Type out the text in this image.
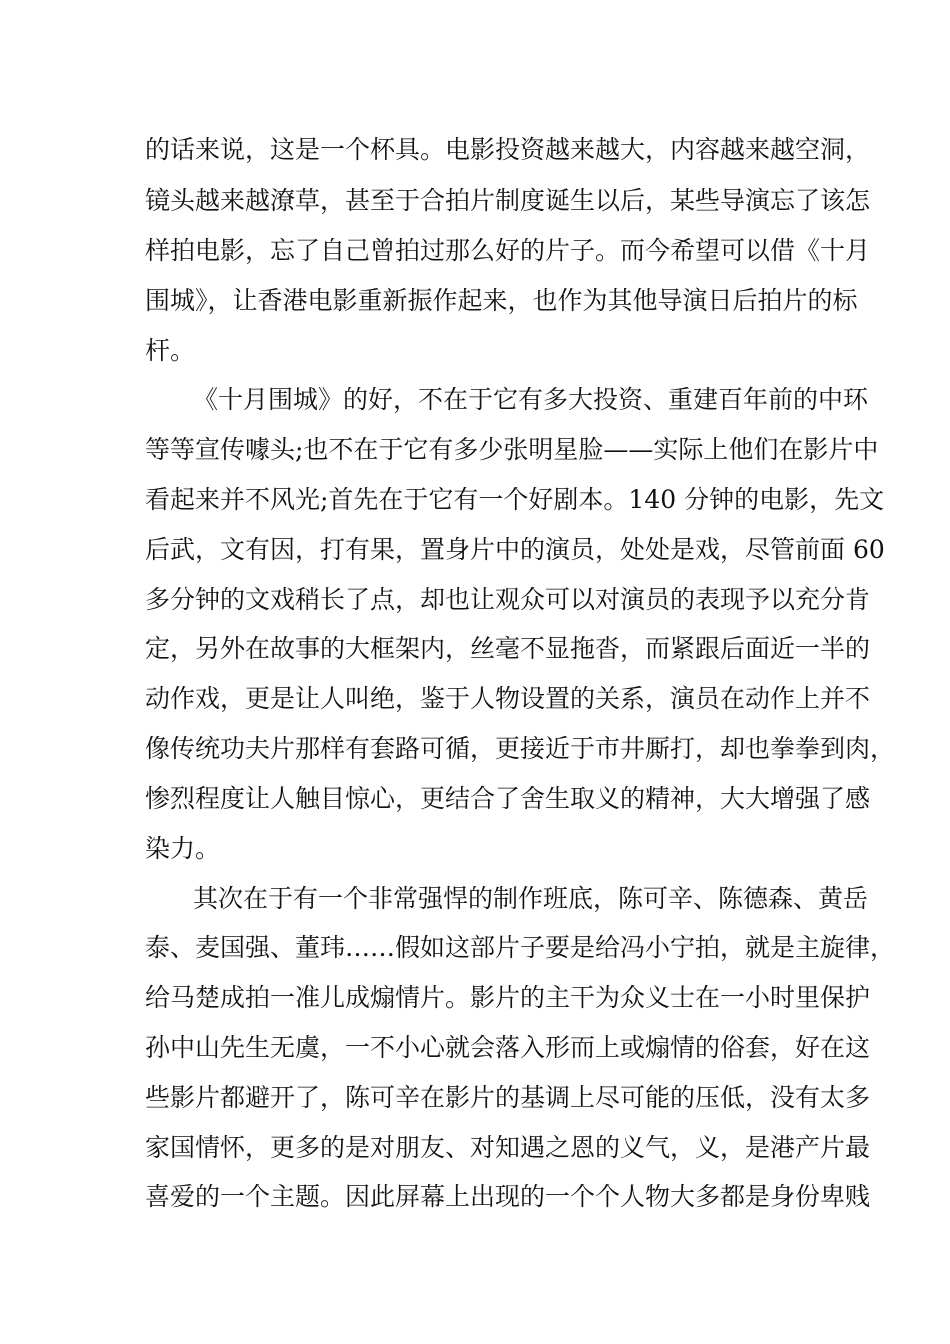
的话来说，这是一个杯具。电影投资越来越大，内容越来越空洞，
镜头越来越潦草，甚至于合拍片制度诞生以后，某些导演忘了该怎
样拍电影，忘了自己曾拍过那么好的片子。而今希望可以借《十月
围城》，让香港电影重新振作起来，也作为其他导演日后拍片的标
杆。
《十月围城》的好，不在于它有多大投资、重建百年前的中环
等等宣传噱头;也不在于它有多少张明星脸——实际上他们在影片中
看起来并不风光;首先在于它有一个好剧本。140 分钟的电影，先文
后武，文有因，打有果，置身片中的演员，处处是戏，尽管前面 60
多分钟的文戏稍长了点，却也让观众可以对演员的表现予以充分肯
定，另外在故事的大框架内，丝毫不显拖沓，而紧跟后面近一半的
动作戏，更是让人叫绝，鉴于人物设置的关系，演员在动作上并不
像传统功夫片那样有套路可循，更接近于市井厮打，却也拳拳到肉，
惨烈程度让人触目惊心，更结合了舍生取义的精神，大大增强了感
染力。
其次在于有一个非常强悍的制作班底，陈可辛、陈德森、黄岳
泰、麦国强、董玮……假如这部片子要是给冯小宁拍，就是主旋律，
给马楚成拍一准儿成煽情片。影片的主干为众义士在一小时里保护
孙中山先生无虞，一不小心就会落入形而上或煽情的俗套，好在这
些影片都避开了，陈可辛在影片的基调上尽可能的压低，没有太多
家国情怀，更多的是对朋友、对知遇之恩的义气，义，是港产片最
喜爱的一个主题。因此屏幕上出现的一个个人物大多都是身份卑贱
